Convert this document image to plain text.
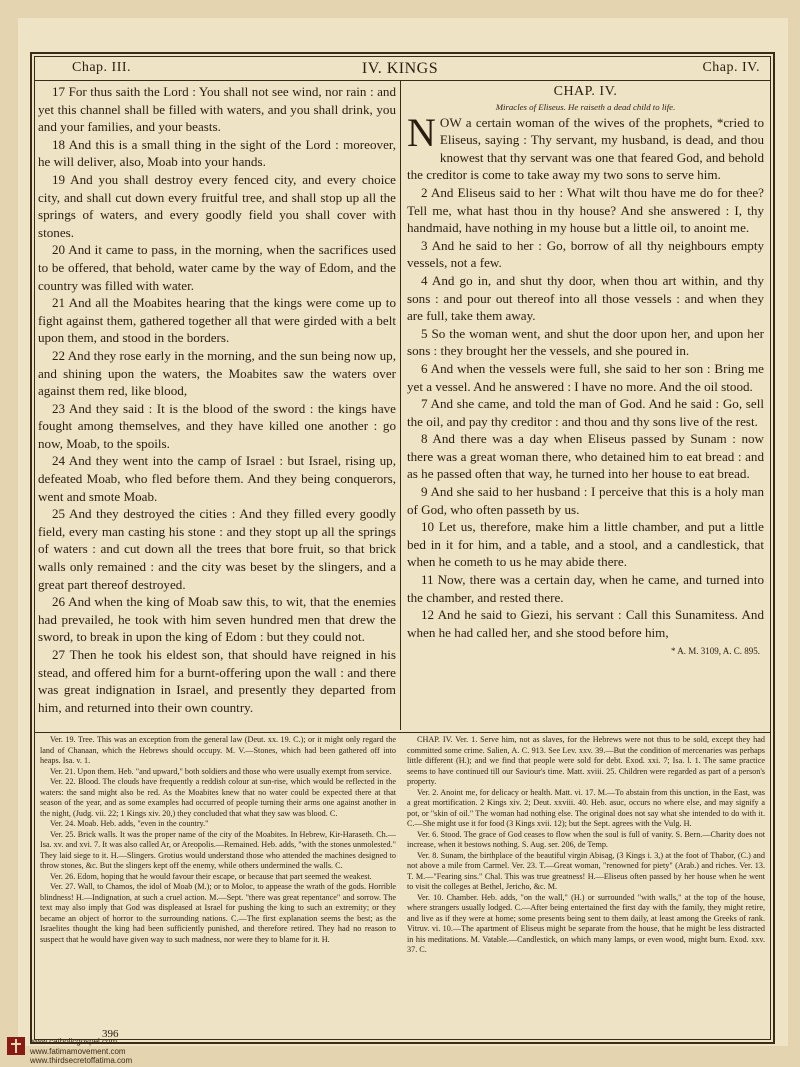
Chap. III.	IV. KINGS	Chap. IV.

17 For thus saith the Lord : You shall not see wind, nor rain : and yet this channel shall be filled with waters, and you shall drink, you and your families, and your beasts.

18 And this is a small thing in the sight of the Lord : moreover, he will deliver, also, Moab into your hands.

19 And you shall destroy every fenced city, and every choice city, and shall cut down every fruitful tree, and shall stop up all the springs of waters, and every goodly field you shall cover with stones.

20 And it came to pass, in the morning, when the sacrifices used to be offered, that behold, water came by the way of Edom, and the country was filled with water.

21 And all the Moabites hearing that the kings were come up to fight against them, gathered together all that were girded with a belt upon them, and stood in the borders.

22 And they rose early in the morning, and the sun being now up, and shining upon the waters, the Moabites saw the waters over against them red, like blood,

23 And they said : It is the blood of the sword : the kings have fought among themselves, and they have killed one another : go now, Moab, to the spoils.

24 And they went into the camp of Israel : but Israel, rising up, defeated Moab, who fled before them. And they being conquerors, went and smote Moab.

25 And they destroyed the cities : And they filled every goodly field, every man casting his stone : and they stopt up all the springs of waters : and cut down all the trees that bore fruit, so that brick walls only remained : and the city was beset by the slingers, and a great part thereof destroyed.

26 And when the king of Moab saw this, to wit, that the enemies had prevailed, he took with him seven hundred men that drew the sword, to break in upon the king of Edom : but they could not.

27 Then he took his eldest son, that should have reigned in his stead, and offered him for a burnt-offering upon the wall : and there was great indignation in Israel, and presently they departed from him, and returned into their own country.

CHAP. IV.
Miracles of Eliseus. He raiseth a dead child to life.

NOW a certain woman of the wives of the prophets, *cried to Eliseus, saying : Thy servant, my husband, is dead, and thou knowest that thy servant was one that feared God, and behold the creditor is come to take away my two sons to serve him.

2 And Eliseus said to her : What wilt thou have me do for thee? Tell me, what hast thou in thy house? And she answered : I, thy handmaid, have nothing in my house but a little oil, to anoint me.

3 And he said to her : Go, borrow of all thy neighbours empty vessels, not a few.

4 And go in, and shut thy door, when thou art within, and thy sons : and pour out thereof into all those vessels : and when they are full, take them away.

5 So the woman went, and shut the door upon her, and upon her sons : they brought her the vessels, and she poured in.

6 And when the vessels were full, she said to her son : Bring me yet a vessel. And he answered : I have no more. And the oil stood.

7 And she came, and told the man of God. And he said : Go, sell the oil, and pay thy creditor : and thou and thy sons live of the rest.

8 And there was a day when Eliseus passed by Sunam : now there was a great woman there, who detained him to eat bread : and as he passed often that way, he turned into her house to eat bread.

9 And she said to her husband : I perceive that this is a holy man of God, who often passeth by us.

10 Let us, therefore, make him a little chamber, and put a little bed in it for him, and a table, and a stool, and a candlestick, that when he cometh to us he may abide there.

11 Now, there was a certain day, when he came, and turned into the chamber, and rested there.

12 And he said to Giezi, his servant : Call this Sunamitess. And when he had called her, and she stood before him,

* A. M. 3109, A. C. 895.

Ver. 19. Tree. This was an exception from the general law (Deut. xx. 19. C.); or it might only regard the land of Chanaan, which the Hebrews should occupy. M. V.—Stones, which had been gathered off into heaps. Isa. v. 1.

Ver. 21. Upon them. Heb. "and upward," both soldiers and those who were usually exempt from service.

Ver. 22. Blood. The clouds have frequently a reddish colour at sun-rise, which would be reflected in the waters: the sand might also be red. As the Moabites knew that no water could be expected there at that season of the year, and as some examples had occurred of people turning their arms one against another in the night, (Judg. vii. 22; 1 Kings xiv. 20,) they concluded that what they saw was blood. C.

Ver. 24. Moab. Heb. adds, "even in the country."

Ver. 25. Brick walls. It was the proper name of the city of the Moabites. In Hebrew, Kir-Haraseth. Ch.—Isa. xv. and xvi. 7. It was also called Ar, or Areopolis.—Remained. Heb. adds, "with the stones unmolested." They laid siege to it. H.—Slingers. Grotius would understand those who attended the machines designed to throw stones, &c. But the slingers kept off the enemy, while others undermined the walls. C.

Ver. 26. Edom, hoping that he would favour their escape, or because that part seemed the weakest.

Ver. 27. Wall, to Chamos, the idol of Moab (M.); or to Moloc, to appease the wrath of the gods. Horrible blindness! H.—Indignation, at such a cruel action. M.—Sept. "there was great repentance" and sorrow. The text may also imply that God was displeased at Israel for pushing the king to such an extremity; or they became an object of horror to the surrounding nations. C.—The first explanation seems the best; as the Israelites thought the king had been sufficiently punished, and therefore retired. They had no reason to suspect that he would have given way to such madness, nor were they to blame for it. H.

CHAP. IV. Ver. 1. Serve him, not as slaves, for the Hebrews were not thus to be sold, except they had committed some crime. Salien, A. C. 913. See Lev. xxv. 39.—But the condition of mercenaries was perhaps little different (H.); and we find that people were sold for debt. Exod. xxi. 7; Isa. l. 1. The same practice seems to have continued till our Saviour's time. Matt. xviii. 25. Children were regarded as part of a person's property.

Ver. 2. Anoint me, for delicacy or health. Matt. vi. 17. M.—To abstain from this unction, in the East, was a great mortification. 2 Kings xiv. 2; Deut. xxviii. 40. Heb. asuc, occurs no where else, and may signify a pot, or "skin of oil." The woman had nothing else. The original does not say what she intended to do with it. C.—She might use it for food (3 Kings xvii. 12); but the Sept. agrees with the Vulg. H.

Ver. 6. Stood. The grace of God ceases to flow when the soul is full of vanity. S. Bern.—Charity does not increase, when it bestows nothing. S. Aug. ser. 206, de Temp.

Ver. 8. Sunam, the birthplace of the beautiful virgin Abisag, (3 Kings i. 3,) at the foot of Thabor, (C.) and not above a mile from Carmel. Ver. 23. T.—Great woman, "renowned for piety" (Arab.) and riches. Ver. 13. T. M.—"Fearing sins." Chal. This was true greatness! H.—Eliseus often passed by her house when he went to visit the colleges at Bethel, Jericho, &c. M.

Ver. 10. Chamber. Heb. adds, "on the wall," (H.) or surrounded "with walls," at the top of the house, where strangers usually lodged. C.—After being entertained the first day with the family, they might retire, and live as if they were at home; some presents being sent to them daily, at least among the Greeks of rank. Vitruv. vi. 10.—The apartment of Eliseus might be separate from the house, that he might be less distracted in his meditations. M. Vatable.—Candlestick, on which many lamps, or even wood, might burn. Exod. xxv. 37. C.

396
www.catholicgospel.com
www.fatimamovement.com
www.thirdsecretoffatima.com
